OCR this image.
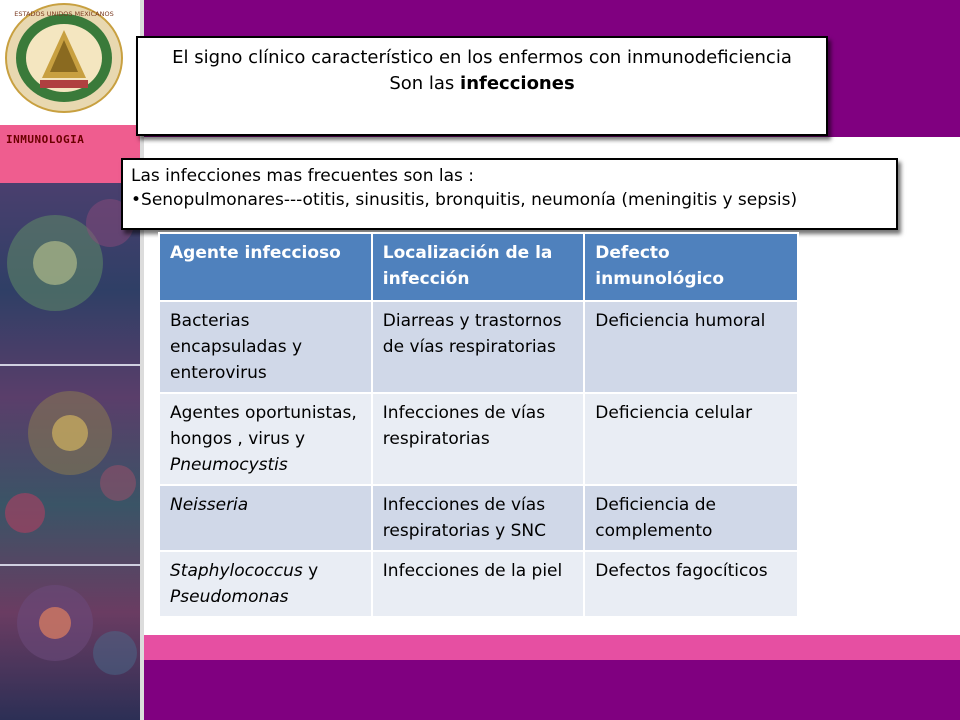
ESTADOS UNIDOS MEXICANOS
INMUNOLOGIA
El signo clínico característico en los enfermos con inmunodeficiencia
Son las infecciones
Las infecciones mas frecuentes son las :
•Senopulmonares---otitis, sinusitis, bronquitis, neumonía (meningitis y sepsis)
Agente infeccioso	Localización de la infección	Defecto inmunológico
Bacterias encapsuladas y enterovirus	Diarreas y trastornos de vías respiratorias	Deficiencia humoral
Agentes oportunistas, hongos , virus y Pneumocystis	Infecciones de vías respiratorias	Deficiencia celular
Neisseria	Infecciones de vías respiratorias y SNC	Deficiencia de complemento
Staphylococcus y Pseudomonas	Infecciones de la piel	Defectos fagocíticos
